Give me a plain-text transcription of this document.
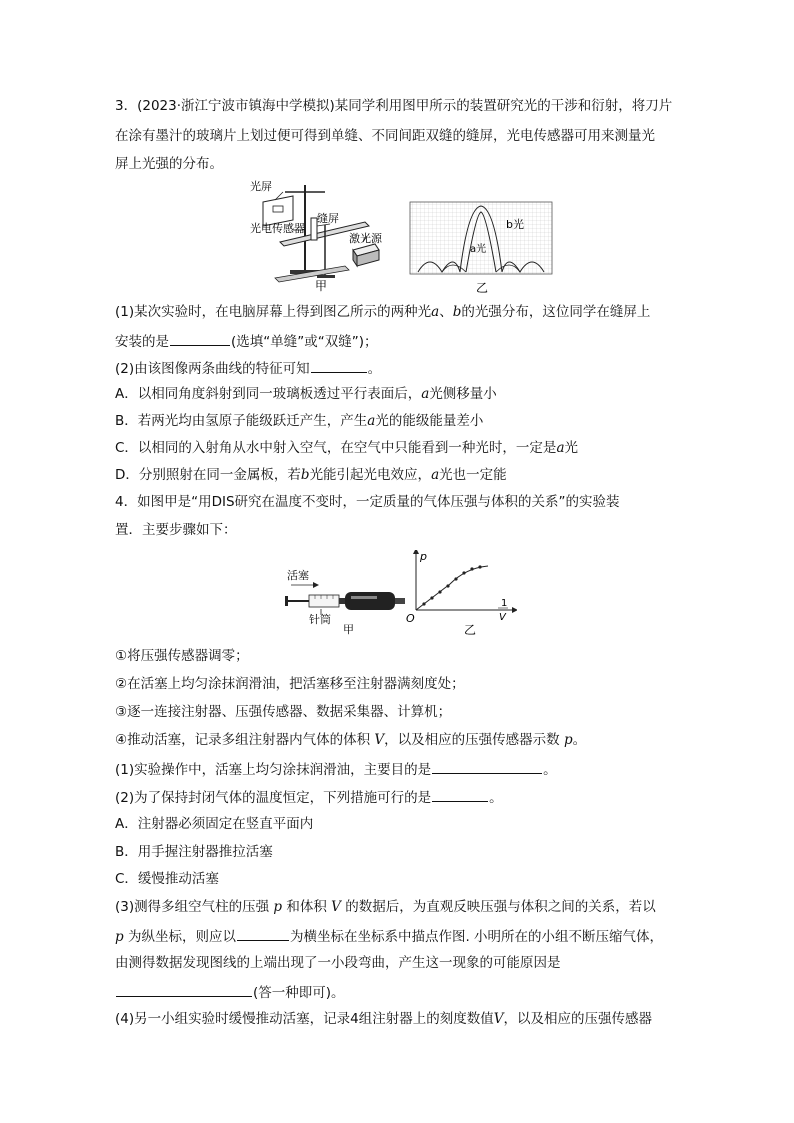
3．(2023·浙江宁波市镇海中学模拟)某同学利用图甲所示的装置研究光的干涉和衍射，将刀片
在涂有墨汁的玻璃片上划过便可得到单缝、不同间距双缝的缝屏，光电传感器可用来测量光
屏上光强的分布。
光屏
光电传感器
缝屏
激光源
甲
b光
a光
乙
(1)某次实验时，在电脑屏幕上得到图乙所示的两种光a、b的光强分布，这位同学在缝屏上
安装的是	(选填“单缝”或“双缝”)；
(2)由该图像两条曲线的特征可知	。
A．以相同角度斜射到同一玻璃板透过平行表面后，a光侧移量小
B．若两光均由氢原子能级跃迁产生，产生a光的能级能量差小
C．以相同的入射角从水中射入空气，在空气中只能看到一种光时，一定是a光
D．分别照射在同一金属板，若b光能引起光电效应，a光也一定能
4．如图甲是“用DIS研究在温度不变时，一定质量的气体压强与体积的关系”的实验装
置．主要步骤如下：
活塞
针筒
甲
p
O
1
V
乙
①将压强传感器调零；
②在活塞上均匀涂抹润滑油，把活塞移至注射器满刻度处；
③逐一连接注射器、压强传感器、数据采集器、计算机；
④推动活塞，记录多组注射器内气体的体积 V，以及相应的压强传感器示数 p。
(1)实验操作中，活塞上均匀涂抹润滑油，主要目的是	。
(2)为了保持封闭气体的温度恒定，下列措施可行的是	。
A．注射器必须固定在竖直平面内
B．用手握注射器推拉活塞
C．缓慢推动活塞
(3)测得多组空气柱的压强 p 和体积 V 的数据后，为直观反映压强与体积之间的关系，若以
p 为纵坐标，则应以	为横坐标在坐标系中描点作图. 小明所在的小组不断压缩气体，
由测得数据发现图线的上端出现了一小段弯曲，产生这一现象的可能原因是
(答一种即可)。
(4)另一小组实验时缓慢推动活塞，记录4组注射器上的刻度数值V，以及相应的压强传感器
